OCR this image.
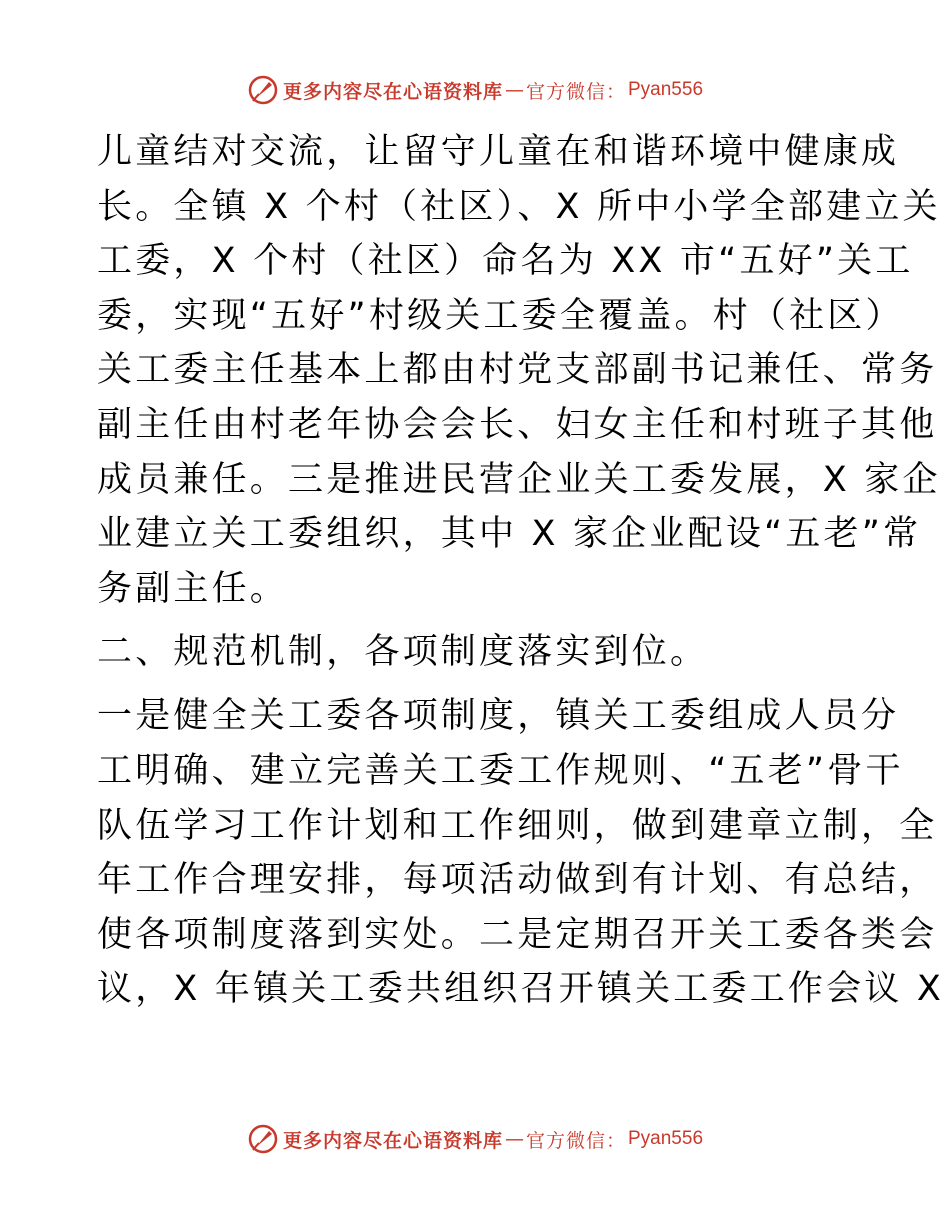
更多内容尽在心语资料库 — 官方微信： Pyan556
儿童结对交流，让留守儿童在和谐环境中健康成
长。全镇 X 个村（社区）、X 所中小学全部建立关
工委，X 个村（社区）命名为 XX 市“五好”关工
委，实现“五好”村级关工委全覆盖。村（社区）
关工委主任基本上都由村党支部副书记兼任、常务
副主任由村老年协会会长、妇女主任和村班子其他
成员兼任。三是推进民营企业关工委发展，X 家企
业建立关工委组织，其中 X 家企业配设“五老”常
务副主任。
二、规范机制，各项制度落实到位。
一是健全关工委各项制度，镇关工委组成人员分
工明确、建立完善关工委工作规则、“五老”骨干
队伍学习工作计划和工作细则，做到建章立制，全
年工作合理安排，每项活动做到有计划、有总结，
使各项制度落到实处。二是定期召开关工委各类会
议，X 年镇关工委共组织召开镇关工委工作会议 X
更多内容尽在心语资料库 — 官方微信： Pyan556
